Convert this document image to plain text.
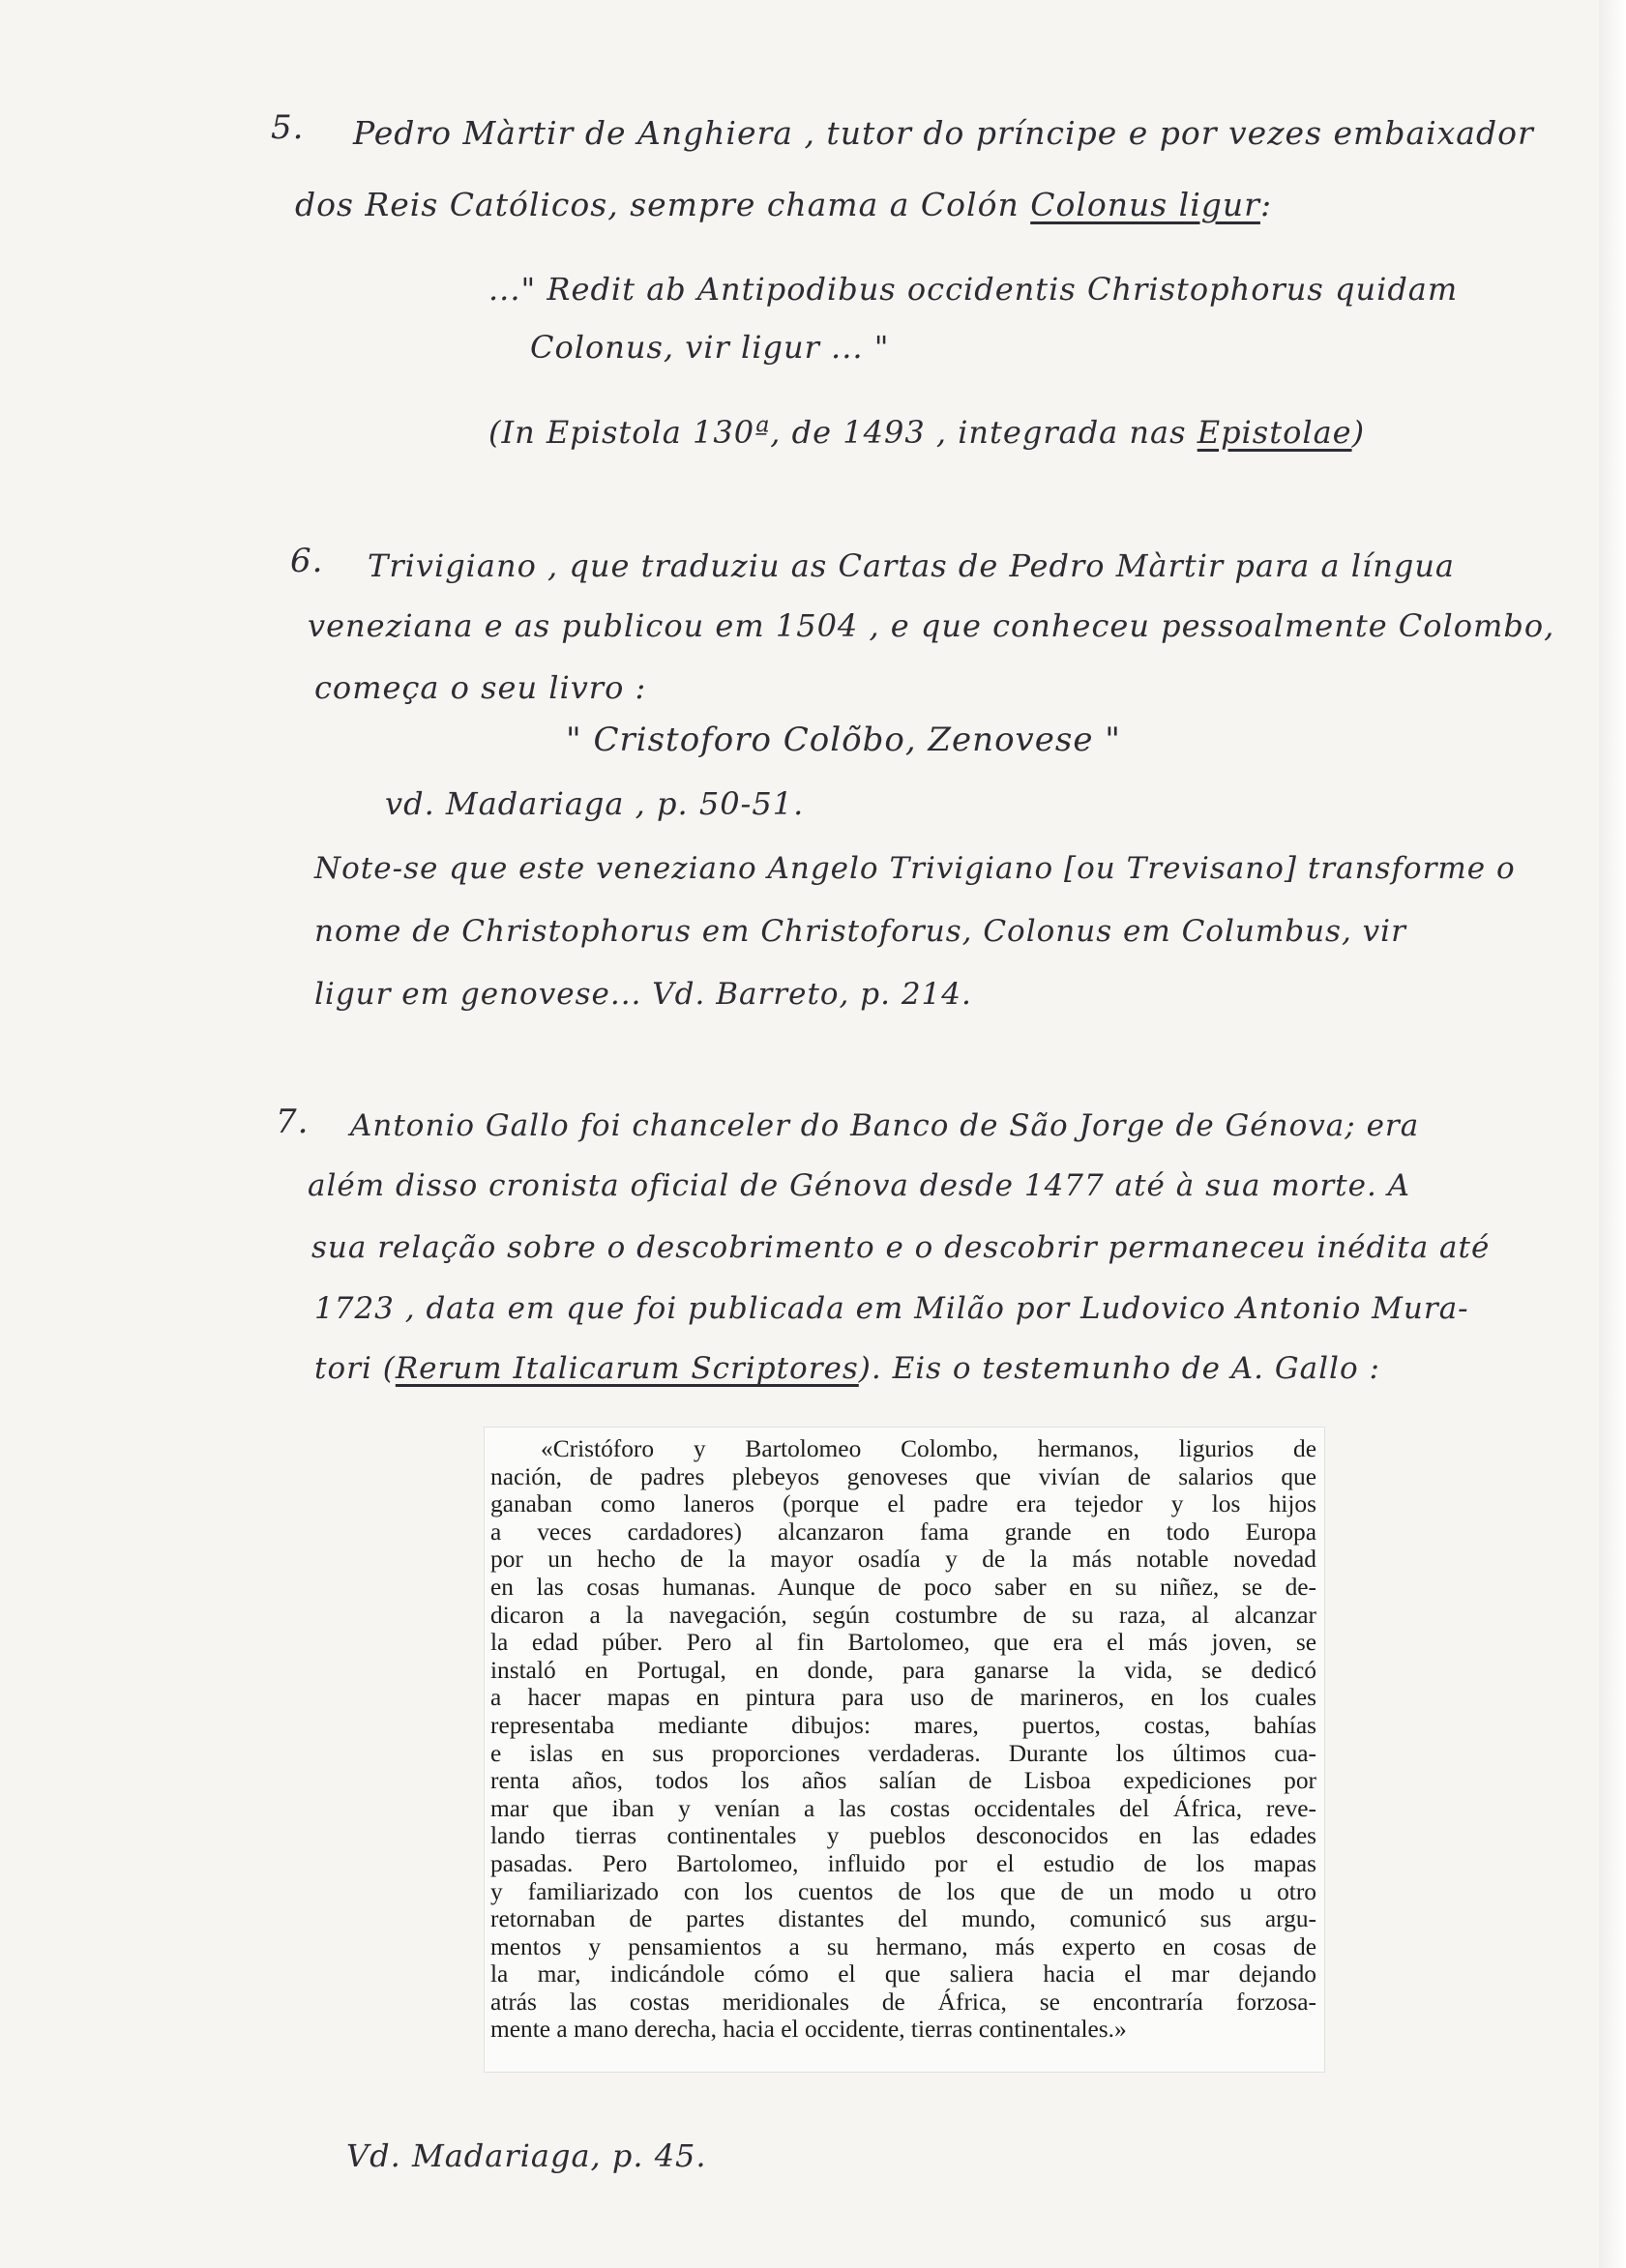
5. Pedro Màrtir de Anghiera , tutor do príncipe e por vezes embaixador
dos Reis Católicos, sempre chama a Colón Colonus ligur:
..." Redit ab Antipodibus occidentis Christophorus quidam
Colonus, vir ligur ... "
(In Epistola 130ª, de 1493 , integrada nas Epistolae)
6. Trivigiano , que traduziu as Cartas de Pedro Màrtir para a língua
veneziana e as publicou em 1504 , e que conheceu pessoalmente Colombo,
começa o seu livro :
" Cristoforo Colõbo, Zenovese "
vd. Madariaga , p. 50-51.
Note-se que este veneziano Angelo Trivigiano [ou Trevisano] transforme o
nome de Christophorus em Christoforus, Colonus em Columbus, vir
ligur em genovese... Vd. Barreto, p. 214.
7. Antonio Gallo foi chanceler do Banco de São Jorge de Génova; era
além disso cronista oficial de Génova desde 1477 até à sua morte. A
sua relação sobre o descobrimento e o descobrir permaneceu inédita até
1723 , data em que foi publicada em Milão por Ludovico Antonio Mura-
tori (Rerum Italicarum Scriptores). Eis o testemunho de A. Gallo :
«Cristóforo y Bartolomeo Colombo, hermanos, ligurios de
nación, de padres plebeyos genoveses que vivían de salarios que
ganaban como laneros (porque el padre era tejedor y los hijos
a veces cardadores) alcanzaron fama grande en todo Europa
por un hecho de la mayor osadía y de la más notable novedad
en las cosas humanas. Aunque de poco saber en su niñez, se de-
dicaron a la navegación, según costumbre de su raza, al alcanzar
la edad púber. Pero al fin Bartolomeo, que era el más joven, se
instaló en Portugal, en donde, para ganarse la vida, se dedicó
a hacer mapas en pintura para uso de marineros, en los cuales
representaba mediante dibujos: mares, puertos, costas, bahías
e islas en sus proporciones verdaderas. Durante los últimos cua-
renta años, todos los años salían de Lisboa expediciones por
mar que iban y venían a las costas occidentales del África, reve-
lando tierras continentales y pueblos desconocidos en las edades
pasadas. Pero Bartolomeo, influido por el estudio de los mapas
y familiarizado con los cuentos de los que de un modo u otro
retornaban de partes distantes del mundo, comunicó sus argu-
mentos y pensamientos a su hermano, más experto en cosas de
la mar, indicándole cómo el que saliera hacia el mar dejando
atrás las costas meridionales de África, se encontraría forzosa-
mente a mano derecha, hacia el occidente, tierras continentales.»
Vd. Madariaga, p. 45.
